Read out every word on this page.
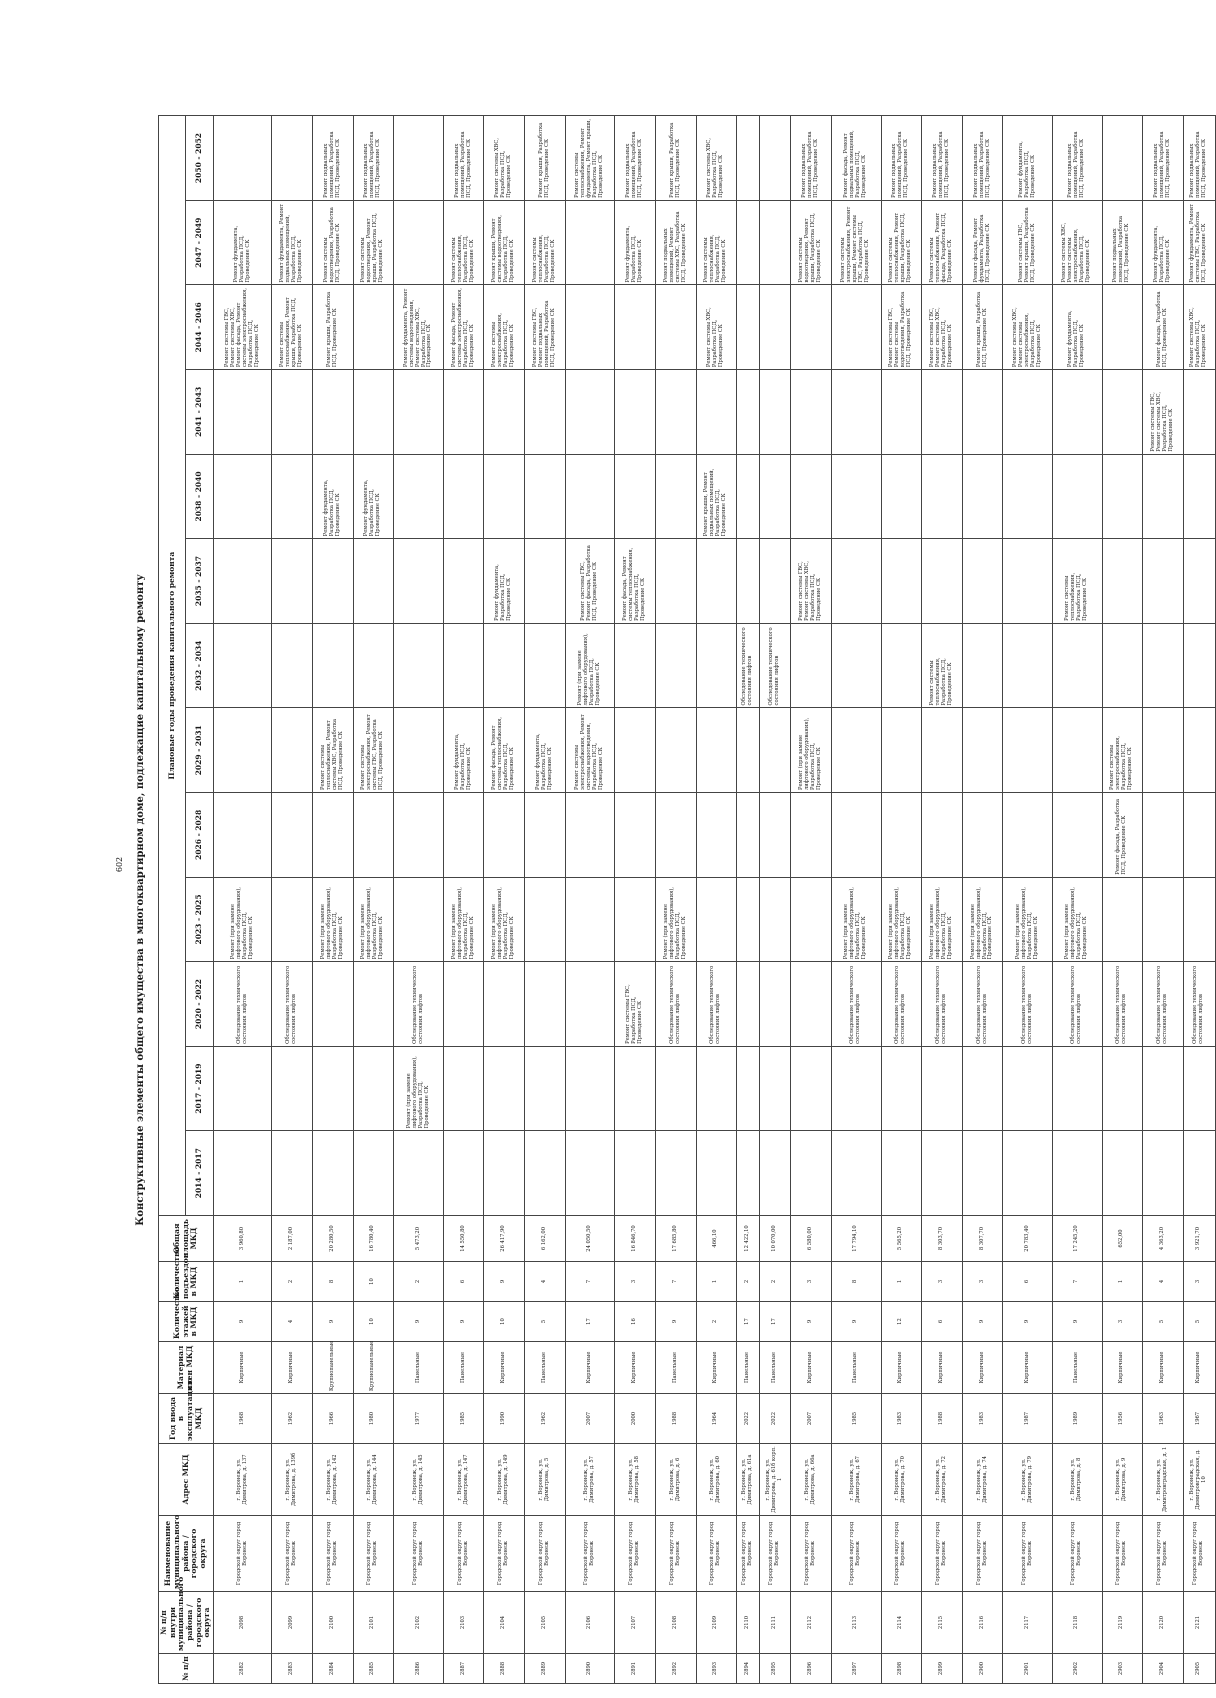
602	Конструктивные элементы общего имущества в многоквартирном доме, подлежащие капитальному ремонту
№ п/п	№ п/п внутри муниципального района / городского округа	Наименование муниципального района / городского округа	Адрес МКД	Год ввода в эксплуатацию МКД	Материал стен МКД	Количество этажей в МКД	Количество подъездов в МКД	Общая площадь МКД	Плановые годы проведения капитального ремонта												
									2014 - 2017	2017 - 2019	2020 - 2022	2023 - 2025	2026 - 2028	2029 - 2031	2032 - 2034	2035 - 2037	2038 - 2040	2041 - 2043	2044 - 2046	2047 - 2049	2050 - 2052
2882	2098	Городской округ город Воронеж	г. Воронеж, ул. Димитрова, д. 137	1968	Кирпичные	9	1	3 960,80			Обследование технического состояния лифтов	Ремонт (при замене лифтового оборудования), Разработка ПСД, Проведение СК							Ремонт системы ГВС, Ремонт системы ХВС, Ремонт фасада, Ремонт системы электроснабжения, Разработка ПСД, Проведение СК	Ремонт фундамента, Разработка ПСД, Проведение СК	
2883	2099	Городской округ город Воронеж	г. Воронеж, ул. Димитрова, д. 139б	1962	Кирпичные	4	2	2 187,00			Обследование технического состояния лифтов								Ремонт системы теплоснабжения, Ремонт крыши, Разработка ПСД, Проведение СК	Ремонт фундамента, Ремонт подвальных помещений, Разработка ПСД, Проведение СК	
2884	2100	Городской округ город Воронеж	г. Воронеж, ул. Димитрова, д. 142	1966	Крупнопанельные	9	8	20 280,50				Ремонт (при замене лифтового оборудования), Разработка ПСД, Проведение СК		Ремонт системы теплоснабжения, Ремонт системы ХВС, Разработка ПСД, Проведение СК			Ремонт фундамента, Разработка ПСД, Проведение СК		Ремонт крыши, Разработка ПСД, Проведение СК	Ремонт системы водоотведения, Разработка ПСД, Проведение СК	Ремонт подвальных помещений, Разработка ПСД, Проведение СК
2885	2101	Городской округ город Воронеж	г. Воронеж, ул. Димитрова, д. 144	1980	Крупнопанельные	10	10	16 780,40				Ремонт (при замене лифтового оборудования), Разработка ПСД, Проведение СК		Ремонт системы электроснабжения, Ремонт системы ГВС, Разработка ПСД, Проведение СК			Ремонт фундамента, Разработка ПСД, Проведение СК			Ремонт системы водоотведения, Ремонт крыши, Разработка ПСД, Проведение СК	Ремонт подвальных помещений, Разработка ПСД, Проведение СК
2886	2102	Городской округ город Воронеж	г. Воронеж, ул. Димитрова, д. 145	1977	Панельные	9	2	5 473,20		Ремонт (при замене лифтового оборудования), Разработка ПСД, Проведение СК	Обследование технического состояния лифтов								Ремонт фундамента, Ремонт системы водоотведения, Ремонт системы ХВС, Разработка ПСД, Проведение СК		
2887	2103	Городской округ город Воронеж	г. Воронеж, ул. Димитрова, д. 147	1985	Панельные	9	6	14 550,80				Ремонт (при замене лифтового оборудования), Разработка ПСД, Проведение СК		Ремонт фундамента, Разработка ПСД, Проведение СК					Ремонт фасада, Ремонт системы электроснабжения, Разработка ПСД, Проведение СК	Ремонт системы теплоснабжения, Разработка ПСД, Проведение СК	Ремонт подвальных помещений, Разработка ПСД, Проведение СК
2888	2104	Городской округ город Воронеж	г. Воронеж, ул. Димитрова, д. 149	1990	Кирпичные	10	9	26 417,90				Ремонт (при замене лифтового оборудования), Разработка ПСД, Проведение СК		Ремонт фасада, Ремонт системы теплоснабжения, Разработка ПСД, Проведение СК		Ремонт фундамента, Разработка ПСД, Проведение СК			Ремонт системы электроснабжения, Разработка ПСД, Проведение СК	Ремонт крыши, Ремонт системы водоотведения, Разработка ПСД, Проведение СК	Ремонт системы ХВС, Разработка ПСД, Проведение СК
2889	2105	Городской округ город Воронеж	г. Воронеж, ул. Димитрова, д. 5	1962	Панельные	5	4	6 162,00						Ремонт фундамента, Разработка ПСД, Проведение СК					Ремонт системы ГВС, Ремонт подвальных помещений, Разработка ПСД, Проведение СК	Ремонт системы теплоснабжения, Разработка ПСД, Проведение СК	Ремонт крыши, Разработка ПСД, Проведение СК
2890	2106	Городской округ город Воронеж	г. Воронеж, ул. Димитрова, д. 57	2007	Кирпичные	17	7	24 050,50						Ремонт системы электроснабжения, Ремонт системы водоотведения, Разработка ПСД, Проведение СК	Ремонт (при замене лифтового оборудования), Разработка ПСД, Проведение СК	Ремонт системы ГВС, Ремонт фасада, Разработка ПСД, Проведение СК					Ремонт системы теплоснабжения, Ремонт фундамента, Ремонт крыши, Разработка ПСД, Проведение СК
2891	2107	Городской округ город Воронеж	г. Воронеж, ул. Димитрова, д. 58	2000	Кирпичные	16	3	16 846,70			Ремонт системы ГВС, Разработка ПСД, Проведение СК					Ремонт фасада, Ремонт системы теплоснабжения, Разработка ПСД, Проведение СК				Ремонт фундамента, Разработка ПСД, Проведение СК	Ремонт подвальных помещений, Разработка ПСД, Проведение СК
2892	2108	Городской округ город Воронеж	г. Воронеж, ул. Димитрова, д. 6	1988	Панельные	9	7	17 685,80			Обследование технического состояния лифтов	Ремонт (при замене лифтового оборудования), Разработка ПСД, Проведение СК								Ремонт подвальных помещений, Ремонт системы ХВС, Разработка ПСД, Проведение СК	Ремонт крыши, Разработка ПСД, Проведение СК
2893	2109	Городской округ город Воронеж	г. Воронеж, ул. Димитрова, д. 60	1964	Кирпичные	2	1	466,10			Обследование технического состояния лифтов						Ремонт крыши, Ремонт подвальных помещений, Разработка ПСД, Проведение СК		Ремонт системы ХВС, Разработка ПСД, Проведение СК	Ремонт системы теплоснабжения, Разработка ПСД, Проведение СК	Ремонт системы ХВС, Разработка ПСД, Проведение СК
2894	2110	Городской округ город Воронеж	г. Воронеж, ул. Димитрова, д. 61а	2022	Панельные	17	2	12 422,10							Обследование технического состояния лифтов						
2895	2111	Городской округ город Воронеж	г. Воронеж, ул. Димитрова, д. 61б корп. 1	2022	Панельные	17	2	10 070,00							Обследование технического состояния лифтов						
2896	2112	Городской округ город Воронеж	г. Воронеж, ул. Димитрова, д. 66а	2007	Кирпичные	9	3	6 580,00						Ремонт (при замене лифтового оборудования), Разработка ПСД, Проведение СК		Ремонт системы ГВС, Ремонт системы ХВС, Разработка ПСД, Проведение СК				Ремонт системы водоотведения, Ремонт крыши, Разработка ПСД, Проведение СК	Ремонт подвальных помещений, Разработка ПСД, Проведение СК
2897	2113	Городской округ город Воронеж	г. Воронеж, ул. Димитрова, д. 67	1985	Панельные	9	8	17 794,10			Обследование технического состояния лифтов	Ремонт (при замене лифтового оборудования), Разработка ПСД, Проведение СК								Ремонт системы электроснабжения, Ремонт крыши, Ремонт системы ГВС, Разработка ПСД, Проведение СК	Ремонт фасада, Ремонт подвальных помещений, Разработка ПСД, Проведение СК
2898	2114	Городской округ город Воронеж	г. Воронеж, ул. Димитрова, д. 70	1983	Кирпичные	12	1	5 565,20			Обследование технического состояния лифтов	Ремонт (при замене лифтового оборудования), Разработка ПСД, Проведение СК							Ремонт системы ГВС, Ремонт системы водоотведения, Разработка ПСД, Проведение СК	Ремонт системы теплоснабжения, Ремонт крыши, Разработка ПСД, Проведение СК	Ремонт подвальных помещений, Разработка ПСД, Проведение СК
2899	2115	Городской округ город Воронеж	г. Воронеж, ул. Димитрова, д. 72	1988	Кирпичные	6	3	8 303,70			Обследование технического состояния лифтов	Ремонт (при замене лифтового оборудования), Разработка ПСД, Проведение СК			Ремонт системы теплоснабжения, Разработка ПСД, Проведение СК				Ремонт системы ГВС, Ремонт системы ХВС, Разработка ПСД, Проведение СК	Ремонт системы теплоснабжения, Ремонт фасада, Разработка ПСД, Проведение СК	Ремонт подвальных помещений, Разработка ПСД, Проведение СК
2900	2116	Городской округ город Воронеж	г. Воронеж, ул. Димитрова, д. 74	1983	Кирпичные	9	3	8 307,70			Обследование технического состояния лифтов	Ремонт (при замене лифтового оборудования), Разработка ПСД, Проведение СК							Ремонт крыши, Разработка ПСД, Проведение СК	Ремонт фасада, Ремонт фундамента, Разработка ПСД, Проведение СК	Ремонт подвальных помещений, Разработка ПСД, Проведение СК
2901	2117	Городской округ город Воронеж	г. Воронеж, ул. Димитрова, д. 79	1987	Кирпичные	9	6	20 783,40			Обследование технического состояния лифтов	Ремонт (при замене лифтового оборудования), Разработка ПСД, Проведение СК							Ремонт системы ХВС, Ремонт системы электроснабжения, Разработка ПСД, Проведение СК	Ремонт системы ГВС, Ремонт крыши, Разработка ПСД, Проведение СК	Ремонт фундамента, Разработка ПСД, Проведение СК
2902	2118	Городской округ город Воронеж	г. Воронеж, ул. Димитрова, д. 8	1989	Панельные	9	7	17 245,20			Обследование технического состояния лифтов	Ремонт (при замене лифтового оборудования), Разработка ПСД, Проведение СК				Ремонт системы теплоснабжения, Разработка ПСД, Проведение СК			Ремонт фундамента, Разработка ПСД, Проведение СК	Ремонт системы ХВС, Ремонт системы электроснабжения, Разработка ПСД, Проведение СК	Ремонт подвальных помещений, Разработка ПСД, Проведение СК
2903	2119	Городской округ город Воронеж	г. Воронеж, ул. Димитрова, д. 9	1956	Кирпичные	3	1	652,00			Обследование технического состояния лифтов		Ремонт фасада, Разработка ПСД, Проведение СК	Ремонт системы электроснабжения, Разработка ПСД, Проведение СК						Ремонт подвальных помещений, Разработка ПСД, Проведение СК	
2904	2120	Городской округ город Воронеж	г. Воронеж, ул. Димитровградская, д. 1	1963	Кирпичные	5	4	4 363,20			Обследование технического состояния лифтов							Ремонт системы ГВС, Ремонт системы ХВС, Разработка ПСД, Проведение СК	Ремонт фасада, Разработка ПСД, Проведение СК	Ремонт фундамента, Разработка ПСД, Проведение СК	Ремонт подвальных помещений, Разработка ПСД, Проведение СК
2905	2121	Городской округ город Воронеж	г. Воронеж, ул. Димитровградская, д. 10	1967	Кирпичные	5	3	3 921,70			Обследование технического состояния лифтов								Ремонт системы ХВС, Разработка ПСД, Проведение СК	Ремонт фундамента, Ремонт системы ГВС, Разработка ПСД, Проведение СК	Ремонт подвальных помещений, Разработка ПСД, Проведение СК
